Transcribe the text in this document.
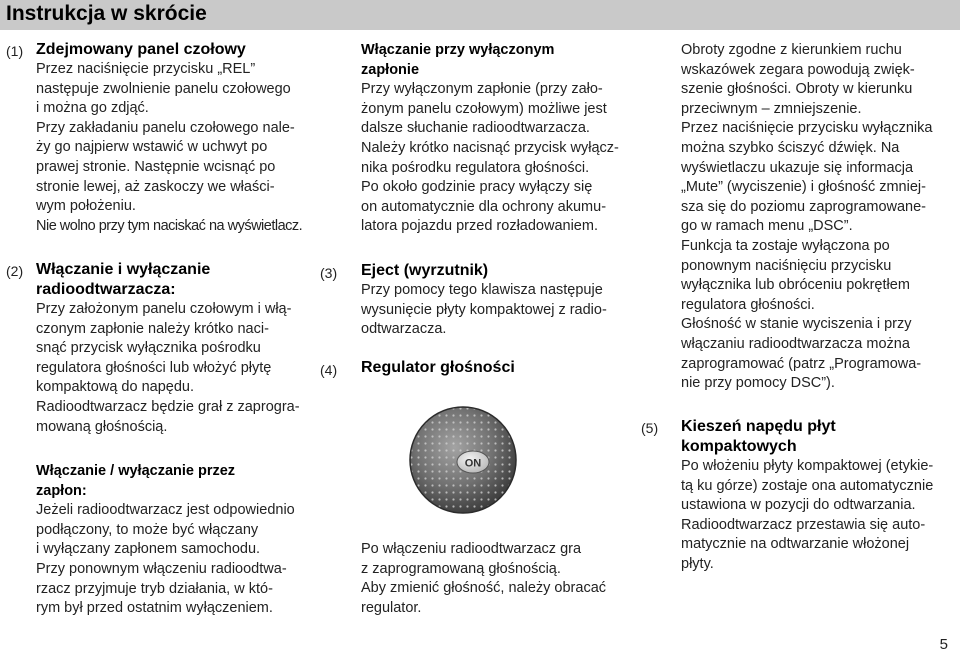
Instrukcja w skrócie
(1) Zdejmowany panel czołowy

Przez naciśnięcie przycisku „REL”

następuje zwolnienie panelu czołowego

i można go zdjąć.

Przy zakładaniu panelu czołowego nale-

ży go najpierw wstawić w uchwyt po

prawej stronie. Następnie wcisnąć po

stronie lewej, aż zaskoczy we właści-

wym położeniu.

Nie wolno przy tym naciskać na wyświetlacz.

(2) Włączanie i wyłączanie
radioodtwarzacza:

Przy założonym panelu czołowym i włą-

czonym zapłonie należy krótko naci-

snąć przycisk wyłącznika pośrodku

regulatora głośności lub włożyć płytę

kompaktową do napędu.

Radioodtwarzacz będzie grał z zaprogra-

mowaną głośnością.

Włączanie / wyłączanie przez
zapłon:

Jeżeli radioodtwarzacz jest odpowiednio

podłączony, to może być włączany

i wyłączany zapłonem samochodu.

Przy ponownym włączeniu radioodtwa-

rzacz przyjmuje tryb działania, w któ-

rym był przed ostatnim wyłączeniem.

Włączanie przy wyłączonym
zapłonie

Przy wyłączonym zapłonie (przy zało-

żonym panelu czołowym) możliwe jest

dalsze słuchanie radioodtwarzacza.

Należy krótko nacisnąć przycisk wyłącz-

nika pośrodku regulatora głośności.

Po około godzinie pracy wyłączy się

on automatycznie dla ochrony akumu-

latora pojazdu przed rozładowaniem.

(3) Eject (wyrzutnik)

Przy pomocy tego klawisza następuje

wysunięcie płyty kompaktowej z radio-

odtwarzacza.

(4) Regulator głośności
ON

Po włączeniu radioodtwarzacz gra

z zaprogramowaną głośnością.

Aby zmienić głośność, należy obracać

regulator.

Obroty zgodne z kierunkiem ruchu

wskazówek zegara powodują zwięk-

szenie głośności. Obroty w kierunku

przeciwnym – zmniejszenie.

Przez naciśnięcie przycisku wyłącznika

można szybko ściszyć dźwięk. Na

wyświetlaczu ukazuje się informacja

„Mute” (wyciszenie) i głośność zmniej-

sza się do poziomu zaprogramowane-

go w ramach menu „DSC”.

Funkcja ta zostaje wyłączona po

ponownym naciśnięciu przycisku

wyłącznika lub obróceniu pokrętłem

regulatora głośności.

Głośność w stanie wyciszenia i przy

włączaniu radioodtwarzacza można

zaprogramować (patrz „Programowa-

nie przy pomocy DSC”).

(5) Kieszeń napędu płyt
kompaktowych

Po włożeniu płyty kompaktowej (etykie-

tą ku górze) zostaje ona automatycznie

ustawiona w pozycji do odtwarzania.

Radioodtwarzacz przestawia się auto-

matycznie na odtwarzanie włożonej

płyty.

5
